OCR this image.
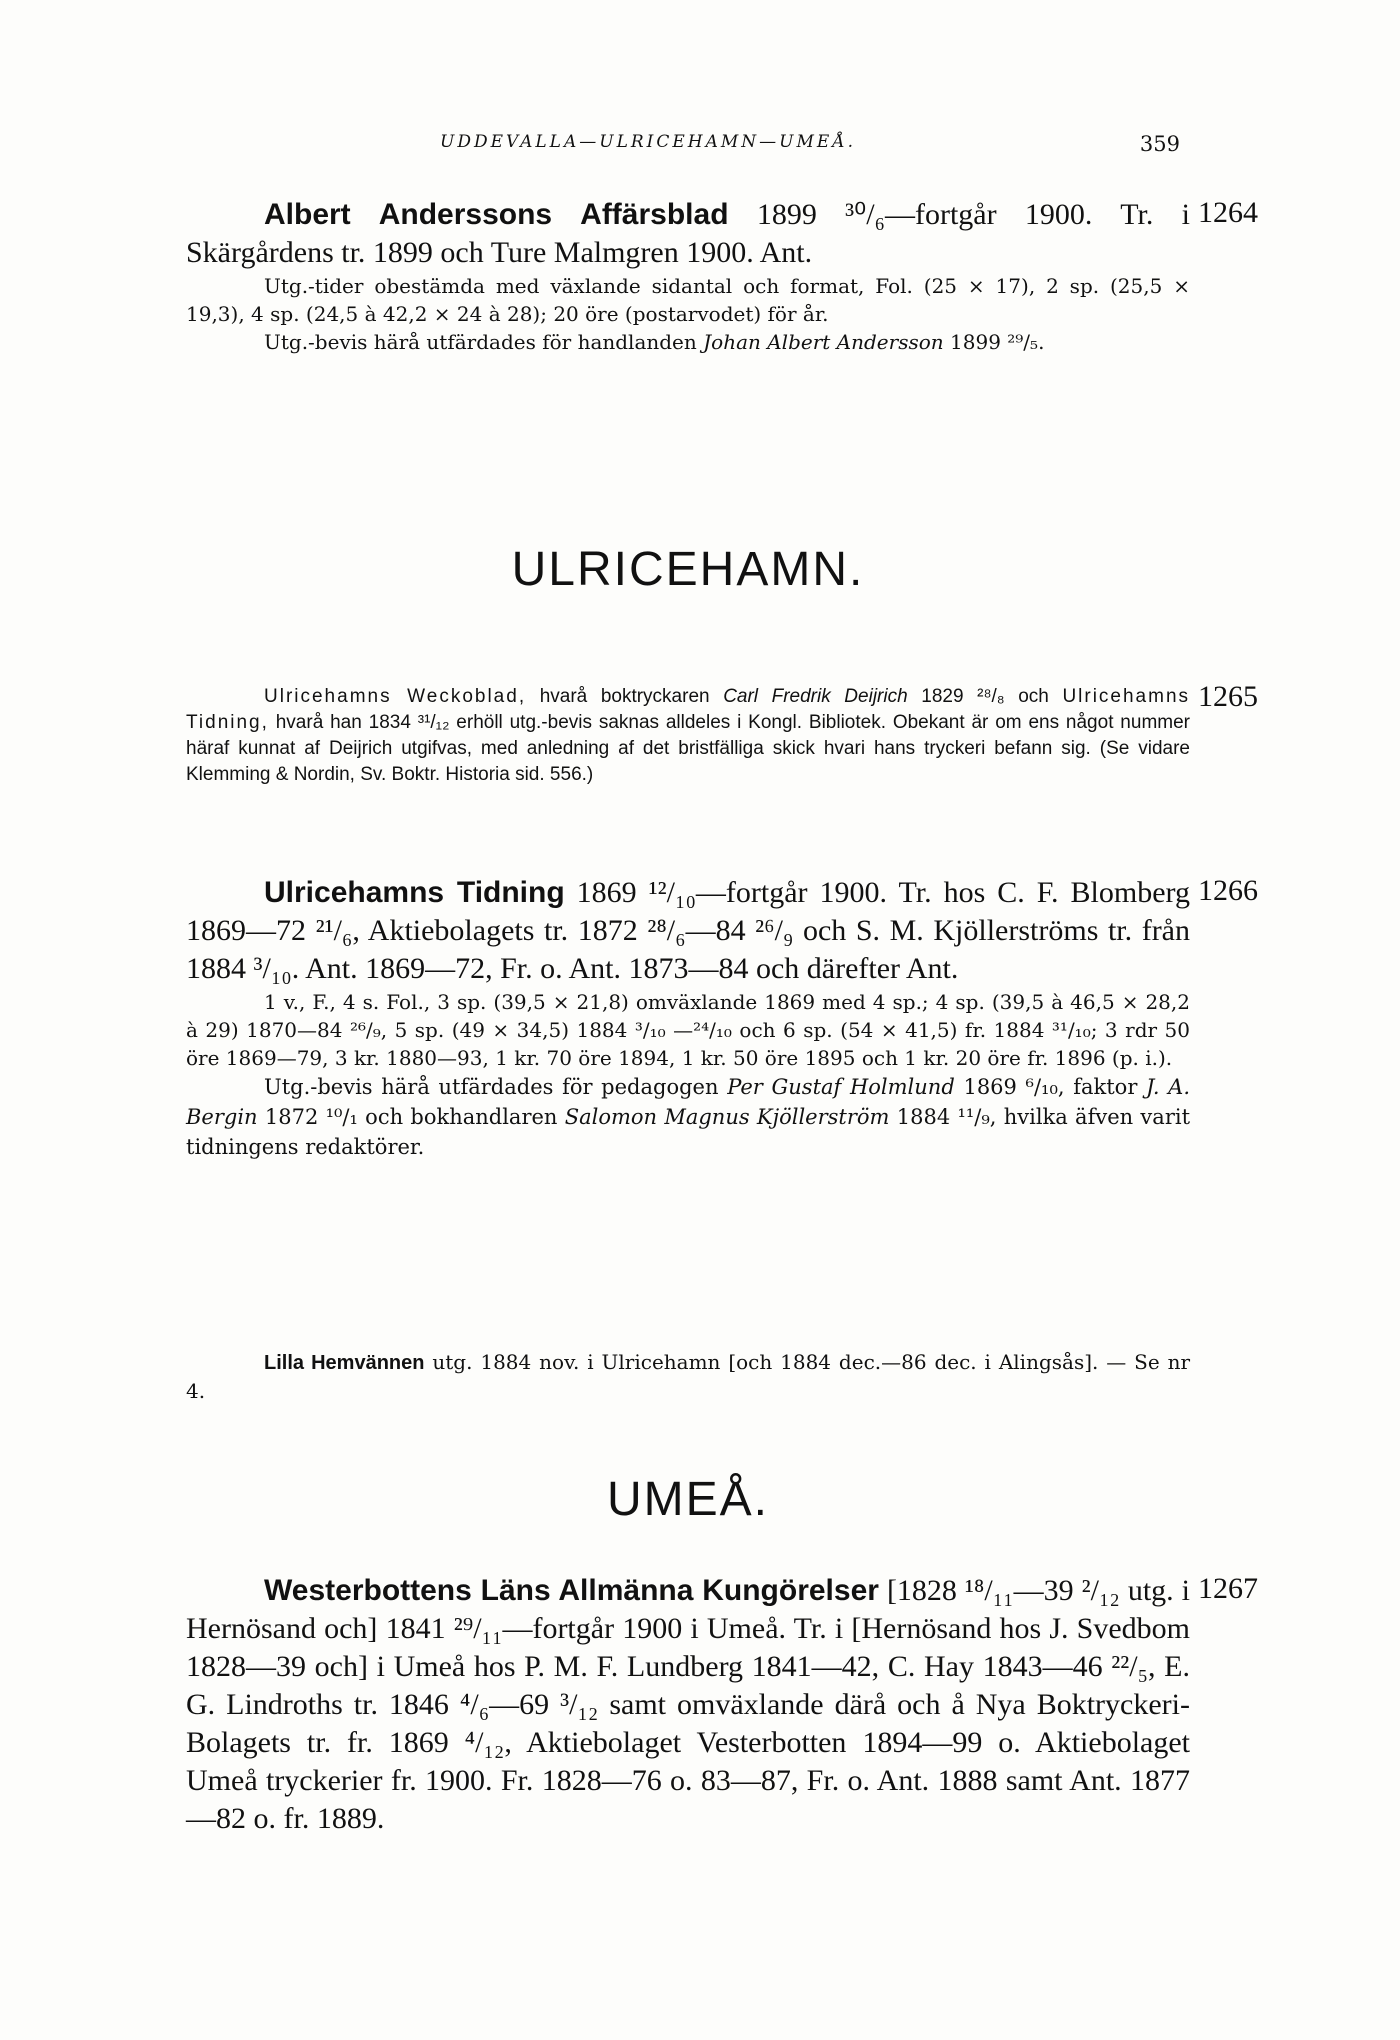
UDDEVALLA—ULRICEHAMN—UMEÅ.	359
1264

Albert Anderssons Affärsblad 1899 ³⁰/₆—fortgår 1900. Tr. i Skärgårdens tr. 1899 och Ture Malmgren 1900. Ant.

Utg.-tider obestämda med växlande sidantal och format, Fol. (25 × 17), 2 sp. (25,5 × 19,3), 4 sp. (24,5 à 42,2 × 24 à 28); 20 öre (postarvodet) för år.

Utg.-bevis härå utfärdades för handlanden Johan Albert Andersson 1899 ²⁹/₅.

ULRICEHAMN.
1265

Ulricehamns Weckoblad, hvarå boktryckaren Carl Fredrik Deijrich 1829 ²⁸/₈ och Ulricehamns Tidning, hvarå han 1834 ³¹/₁₂ erhöll utg.-bevis saknas alldeles i Kongl. Bibliotek. Obekant är om ens något nummer häraf kunnat af Deijrich utgifvas, med anledning af det bristfälliga skick hvari hans tryckeri befann sig. (Se vidare Klemming & Nordin, Sv. Boktr. Historia sid. 556.)

1266

Ulricehamns Tidning 1869 ¹²/₁₀—fortgår 1900. Tr. hos C. F. Blomberg 1869—72 ²¹/₆, Aktiebolagets tr. 1872 ²⁸/₆—84 ²⁶/₉ och S. M. Kjöllerströms tr. från 1884 ³/₁₀. Ant. 1869—72, Fr. o. Ant. 1873—84 och därefter Ant.

1 v., F., 4 s. Fol., 3 sp. (39,5 × 21,8) omväxlande 1869 med 4 sp.; 4 sp. (39,5 à 46,5 × 28,2 à 29) 1870—84 ²⁶/₉, 5 sp. (49 × 34,5) 1884 ³/₁₀ —²⁴/₁₀ och 6 sp. (54 × 41,5) fr. 1884 ³¹/₁₀; 3 rdr 50 öre 1869—79, 3 kr. 1880—93, 1 kr. 70 öre 1894, 1 kr. 50 öre 1895 och 1 kr. 20 öre fr. 1896 (p. i.).

Utg.-bevis härå utfärdades för pedagogen Per Gustaf Holmlund 1869 ⁶/₁₀, faktor J. A. Bergin 1872 ¹⁰/₁ och bokhandlaren Salomon Magnus Kjöllerström 1884 ¹¹/₉, hvilka äfven varit tidningens redaktörer.

Lilla Hemvännen utg. 1884 nov. i Ulricehamn [och 1884 dec.—86 dec. i Alingsås]. — Se nr 4.

UMEÅ.
1267

Westerbottens Läns Allmänna Kungörelser [1828 ¹⁸/₁₁—39 ²/₁₂ utg. i Hernösand och] 1841 ²⁹/₁₁—fortgår 1900 i Umeå. Tr. i [Hernösand hos J. Svedbom 1828—39 och] i Umeå hos P. M. F. Lundberg 1841—42, C. Hay 1843—46 ²²/₅, E. G. Lindroths tr. 1846 ⁴/₆—69 ³/₁₂ samt omväxlande därå och å Nya Boktryckeri-Bolagets tr. fr. 1869 ⁴/₁₂, Aktiebolaget Vesterbotten 1894—99 o. Aktiebolaget Umeå tryckerier fr. 1900. Fr. 1828—76 o. 83—87, Fr. o. Ant. 1888 samt Ant. 1877—82 o. fr. 1889.
